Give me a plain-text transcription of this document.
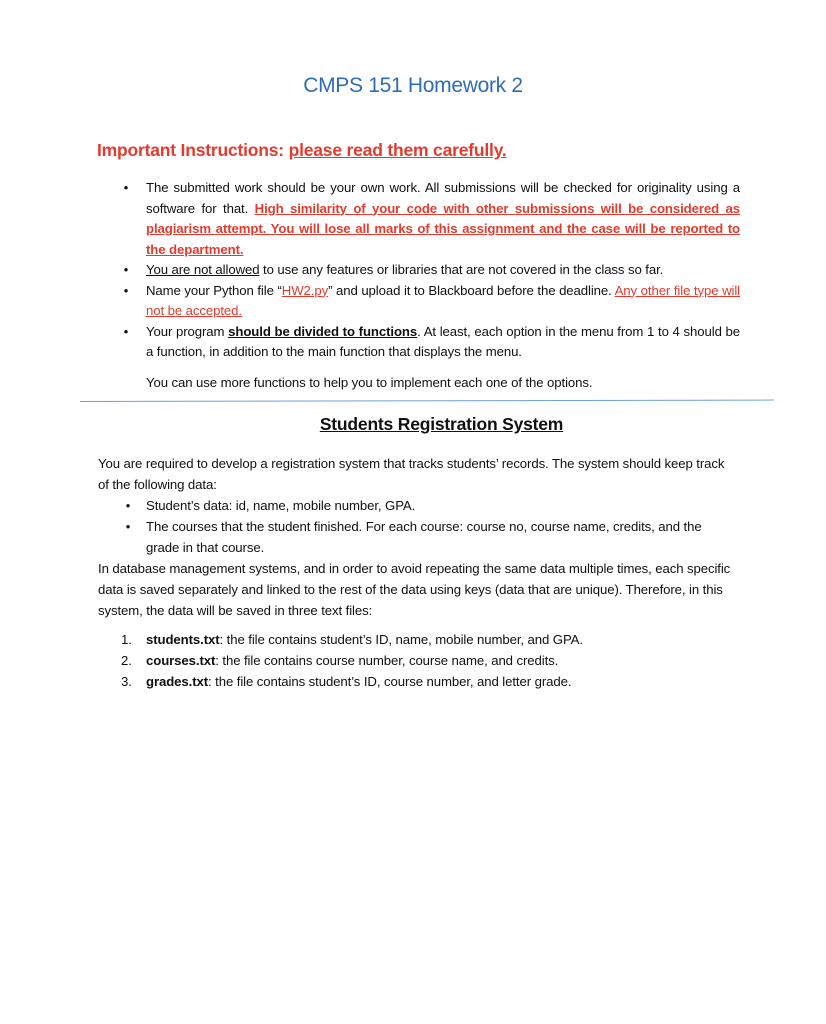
CMPS 151 Homework 2
Important Instructions: please read them carefully.
• The submitted work should be your own work. All submissions will be checked for originality using a software for that. High similarity of your code with other submissions will be considered as plagiarism attempt. You will lose all marks of this assignment and the case will be reported to the department.
• You are not allowed to use any features or libraries that are not covered in the class so far.
• Name your Python file “HW2.py” and upload it to Blackboard before the deadline. Any other file type will not be accepted.
• Your program should be divided to functions. At least, each option in the menu from 1 to 4 should be a function, in addition to the main function that displays the menu.
You can use more functions to help you to implement each one of the options.
Students Registration System
You are required to develop a registration system that tracks students’ records. The system should keep track of the following data:
• Student’s data: id, name, mobile number, GPA.
• The courses that the student finished. For each course: course no, course name, credits, and the grade in that course.
In database management systems, and in order to avoid repeating the same data multiple times, each specific data is saved separately and linked to the rest of the data using keys (data that are unique). Therefore, in this system, the data will be saved in three text files:
1. students.txt: the file contains student’s ID, name, mobile number, and GPA.
2. courses.txt: the file contains course number, course name, and credits.
3. grades.txt: the file contains student’s ID, course number, and letter grade.
